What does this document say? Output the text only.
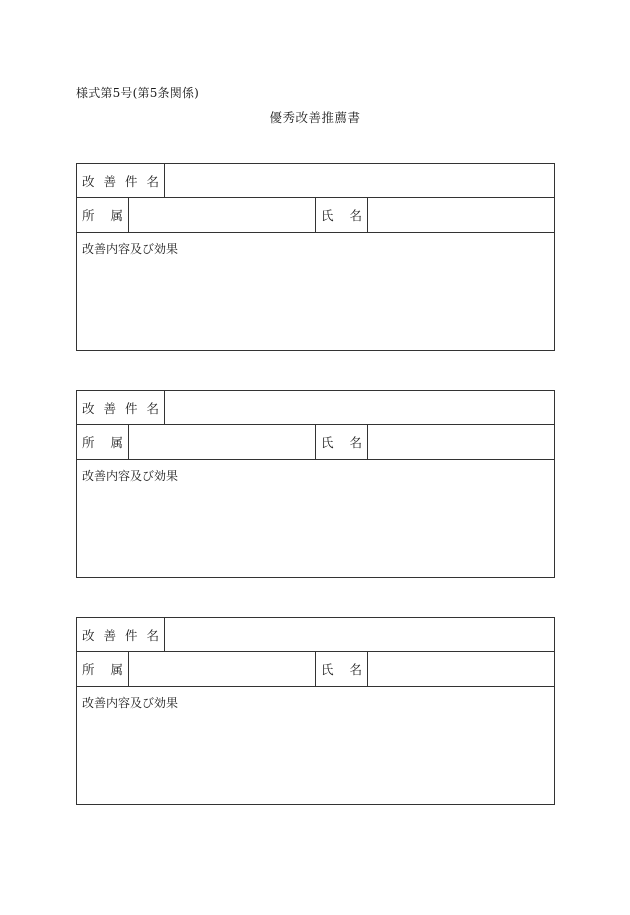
様式第5号(第5条関係)
優秀改善推薦書
改善件名
所属	氏名
改善内容及び効果
改善件名
所属	氏名
改善内容及び効果
改善件名
所属	氏名
改善内容及び効果
